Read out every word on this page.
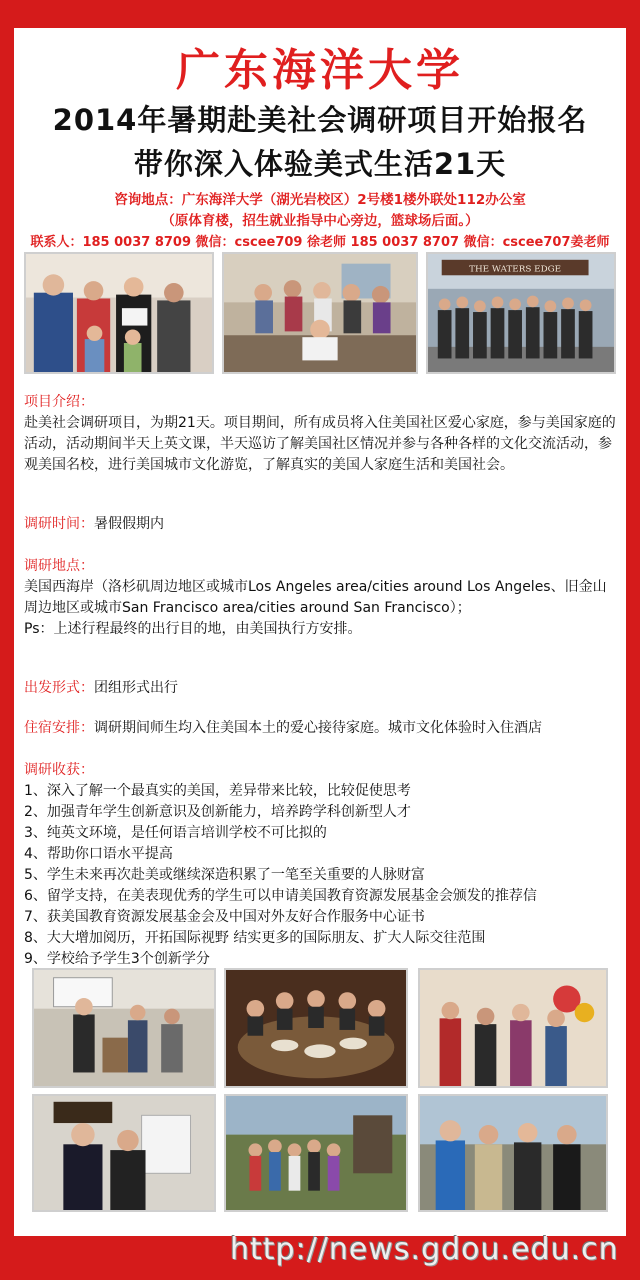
广东海洋大学
2014年暑期赴美社会调研项目开始报名
带你深入体验美式生活21天
咨询地点：广东海洋大学（湖光岩校区）2号楼1楼外联处112办公室
（原体育楼，招生就业指导中心旁边，篮球场后面。）
联系人：185 0037 8709 微信：cscee709 徐老师 185 0037 8707 微信：cscee707姜老师
THE WATERS EDGE
项目介绍：
赴美社会调研项目，为期21天。项目期间，所有成员将入住美国社区爱心家庭，参与美国家庭的活动，活动期间半天上英文课，半天巡访了解美国社区情况并参与各种各样的文化交流活动，参观美国名校，进行美国城市文化游览，了解真实的美国人家庭生活和美国社会。
调研时间：暑假假期内
调研地点：
美国西海岸（洛杉矶周边地区或城市Los Angeles area/cities around Los Angeles、旧金山周边地区或城市San Francisco area/cities around San Francisco）；
Ps：上述行程最终的出行目的地，由美国执行方安排。
出发形式：团组形式出行
住宿安排：调研期间师生均入住美国本土的爱心接待家庭。城市文化体验时入住酒店
调研收获：
1、深入了解一个最真实的美国，差异带来比较，比较促使思考
2、加强青年学生创新意识及创新能力，培养跨学科创新型人才
3、纯英文环境，是任何语言培训学校不可比拟的
4、帮助你口语水平提高
5、学生未来再次赴美或继续深造积累了一笔至关重要的人脉财富
6、留学支持，在美表现优秀的学生可以申请美国教育资源发展基金会颁发的推荐信
7、获美国教育资源发展基金会及中国对外友好合作服务中心证书
8、大大增加阅历，开拓国际视野 结实更多的国际朋友、扩大人际交往范围
9、学校给予学生3个创新学分
http://news.gdou.edu.cn
